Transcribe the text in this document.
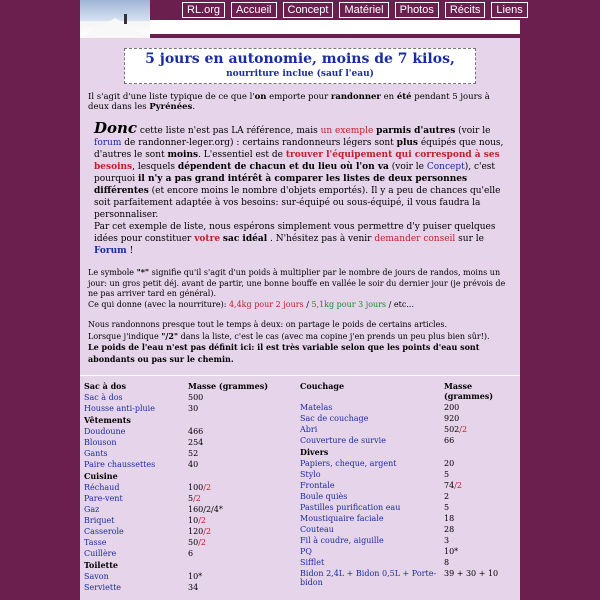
RL.org	Accueil	Concept	Matériel	Photos	Récits	Liens
5 jours en autonomie, moins de 7 kilos,
nourriture inclue (sauf l'eau)
Il s'agit d'une liste typique de ce que l'on emporte pour randonner en été pendant 5 jours à deux dans les Pyrénées.
Donc cette liste n'est pas LA référence, mais un exemple parmis d'autres (voir le forum de randonner-leger.org) : certains randonneurs légers sont plus équipés que nous, d'autres le sont moins. L'essentiel est de trouver l'équipement qui correspond à ses besoins, lesquels dépendent de chacun et du lieu où l'on va (voir le Concept), c'est pourquoi il n'y a pas grand intérêt à comparer les listes de deux personnes différentes (et encore moins le nombre d'objets emportés). Il y a peu de chances qu'elle soit parfaitement adaptée à vos besoins: sur-équipé ou sous-équipé, il vous faudra la personnaliser.
Par cet exemple de liste, nous espérons simplement vous permettre d'y puiser quelques idées pour constituer votre sac idéal . N'hésitez pas à venir demander conseil sur le Forum !
Le symbole "*" signifie qu'il s'agit d'un poids à multiplier par le nombre de jours de randos, moins un jour: un gros petit déj. avant de partir, une bonne bouffe en vallée le soir du dernier jour (je prévois de ne pas arriver tard en général).
Ce qui donne (avec la nourriture): 4,4kg pour 2 jours / 5,1kg pour 3 jours / etc...
Nous randonnons presque tout le temps à deux: on partage le poids de certains articles.
Lorsque j'indique "/2" dans la liste, c'est le cas (avec ma copine j'en prends un peu plus bien sûr!).
Le poids de l'eau n'est pas définit ici: il est très variable selon que les points d'eau sont abondants ou pas sur le chemin.
Sac à dos	Masse (grammes)
Sac à dos	500
Housse anti-pluie	30
Vêtements	
Doudoune	466
Blouson	254
Gants	52
Paire chaussettes	40
Cuisine	
Réchaud	100/2
Pare-vent	5/2
Gaz	160/2/4*
Briquet	10/2
Casserole	120/2
Tasse	50/2
Cuillère	6
Toilette	
Savon	10*
Serviette	34
Couchage	Masse (grammes)
Matelas	200
Sac de couchage	920
Abri	502/2
Couverture de survie	66
Divers	
Papiers, cheque, argent	20
Stylo	5
Frontale	74/2
Boule quiès	2
Pastilles purification eau	5
Moustiquaire faciale	18
Couteau	28
Fil à coudre, aiguille	3
PQ	10*
Sifflet	8
Bidon 2,4L + Bidon 0,5L + Porte-bidon	39 + 30 + 10
